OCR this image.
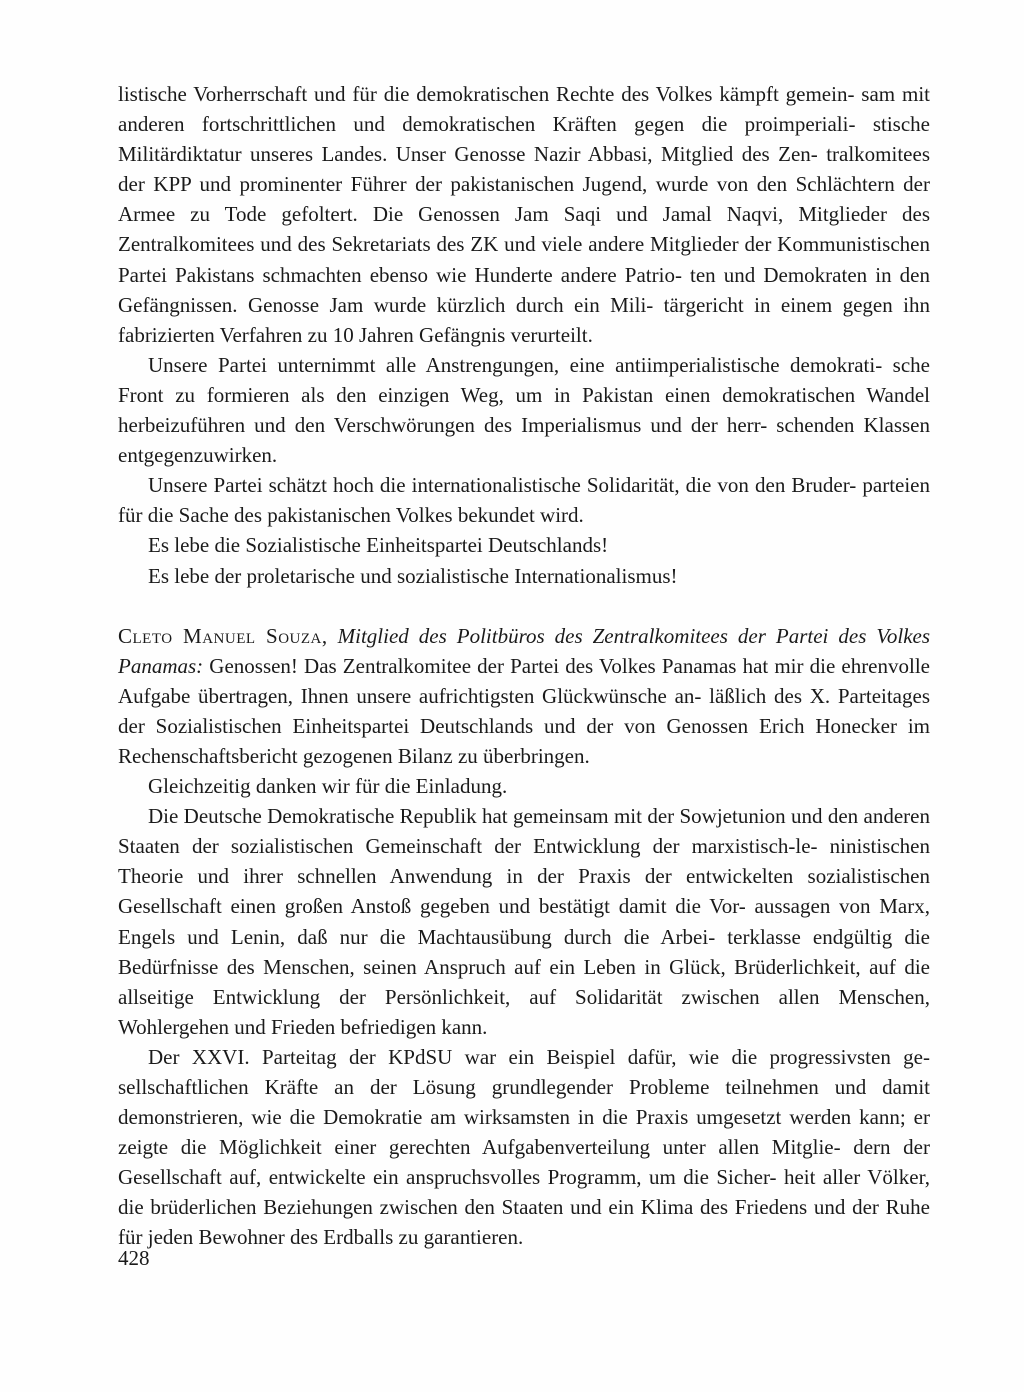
listische Vorherrschaft und für die demokratischen Rechte des Volkes kämpft gemein- sam mit anderen fortschrittlichen und demokratischen Kräften gegen die proimperiali- stische Militärdiktatur unseres Landes. Unser Genosse Nazir Abbasi, Mitglied des Zen- tralkomitees der KPP und prominenter Führer der pakistanischen Jugend, wurde von den Schlächtern der Armee zu Tode gefoltert. Die Genossen Jam Saqi und Jamal Naqvi, Mitglieder des Zentralkomitees und des Sekretariats des ZK und viele andere Mitglieder der Kommunistischen Partei Pakistans schmachten ebenso wie Hunderte andere Patrio- ten und Demokraten in den Gefängnissen. Genosse Jam wurde kürzlich durch ein Mili- tärgericht in einem gegen ihn fabrizierten Verfahren zu 10 Jahren Gefängnis verurteilt.

Unsere Partei unternimmt alle Anstrengungen, eine antiimperialistische demokrati- sche Front zu formieren als den einzigen Weg, um in Pakistan einen demokratischen Wandel herbeizuführen und den Verschwörungen des Imperialismus und der herr- schenden Klassen entgegenzuwirken.

Unsere Partei schätzt hoch die internationalistische Solidarität, die von den Bruder- parteien für die Sache des pakistanischen Volkes bekundet wird.

Es lebe die Sozialistische Einheitspartei Deutschlands!

Es lebe der proletarische und sozialistische Internationalismus!

Cleto Manuel Souza, Mitglied des Politbüros des Zentralkomitees der Partei des Volkes Panamas: Genossen! Das Zentralkomitee der Partei des Volkes Panamas hat mir die ehrenvolle Aufgabe übertragen, Ihnen unsere aufrichtigsten Glückwünsche an- läßlich des X. Parteitages der Sozialistischen Einheitspartei Deutschlands und der von Genossen Erich Honecker im Rechenschaftsbericht gezogenen Bilanz zu überbringen.

Gleichzeitig danken wir für die Einladung.

Die Deutsche Demokratische Republik hat gemeinsam mit der Sowjetunion und den anderen Staaten der sozialistischen Gemeinschaft der Entwicklung der marxistisch-le- ninistischen Theorie und ihrer schnellen Anwendung in der Praxis der entwickelten sozialistischen Gesellschaft einen großen Anstoß gegeben und bestätigt damit die Vor- aussagen von Marx, Engels und Lenin, daß nur die Machtausübung durch die Arbei- terklasse endgültig die Bedürfnisse des Menschen, seinen Anspruch auf ein Leben in Glück, Brüderlichkeit, auf die allseitige Entwicklung der Persönlichkeit, auf Solidarität zwischen allen Menschen, Wohlergehen und Frieden befriedigen kann.

Der XXVI. Parteitag der KPdSU war ein Beispiel dafür, wie die progressivsten ge- sellschaftlichen Kräfte an der Lösung grundlegender Probleme teilnehmen und damit demonstrieren, wie die Demokratie am wirksamsten in die Praxis umgesetzt werden kann; er zeigte die Möglichkeit einer gerechten Aufgabenverteilung unter allen Mitglie- dern der Gesellschaft auf, entwickelte ein anspruchsvolles Programm, um die Sicher- heit aller Völker, die brüderlichen Beziehungen zwischen den Staaten und ein Klima des Friedens und der Ruhe für jeden Bewohner des Erdballs zu garantieren.

428
